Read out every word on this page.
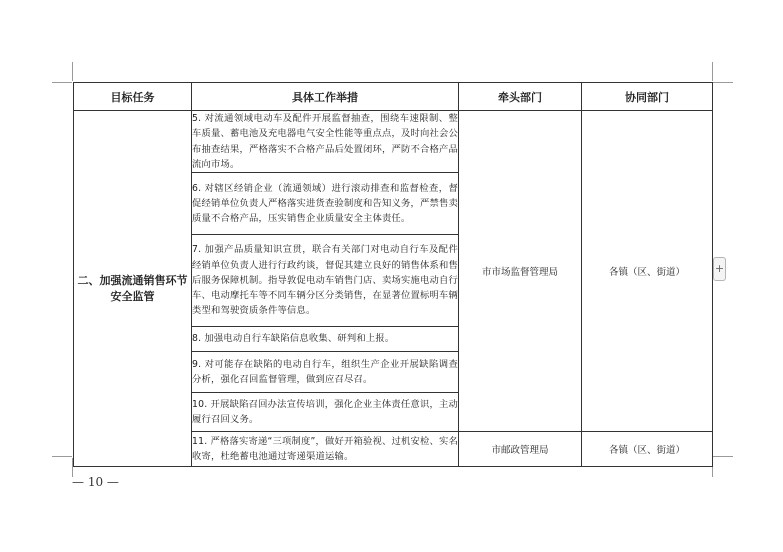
目标任务	具体工作举措	牵头部门	协同部门
二、加强流通销售环节安全监管	5. 对流通领域电动车及配件开展监督抽查，围绕车速限制、整车质量、蓄电池及充电器电气安全性能等重点点，及时向社会公布抽查结果，严格落实不合格产品后处置闭环，严防不合格产品流向市场。	市市场监督管理局	各镇（区、街道）
	6. 对辖区经销企业（流通领域）进行滚动排查和监督检查，督促经销单位负责人严格落实进货查验制度和告知义务，严禁售卖质量不合格产品，压实销售企业质量安全主体责任。		
	7. 加强产品质量知识宣贯，联合有关部门对电动自行车及配件经销单位负责人进行行政约谈，督促其建立良好的销售体系和售后服务保障机制。指导敦促电动车销售门店、卖场实施电动自行车、电动摩托车等不同车辆分区分类销售，在显著位置标明车辆类型和驾驶资质条件等信息。		
	8. 加强电动自行车缺陷信息收集、研判和上报。		
	9. 对可能存在缺陷的电动自行车，组织生产企业开展缺陷调查分析，强化召回监督管理，做到应召尽召。		
	10. 开展缺陷召回办法宣传培训，强化企业主体责任意识，主动履行召回义务。		
	11. 严格落实寄递“三项制度”，做好开箱验视、过机安检、实名收寄，杜绝蓄电池通过寄递渠道运输。	市邮政管理局	各镇（区、街道）
+
— 10 —
